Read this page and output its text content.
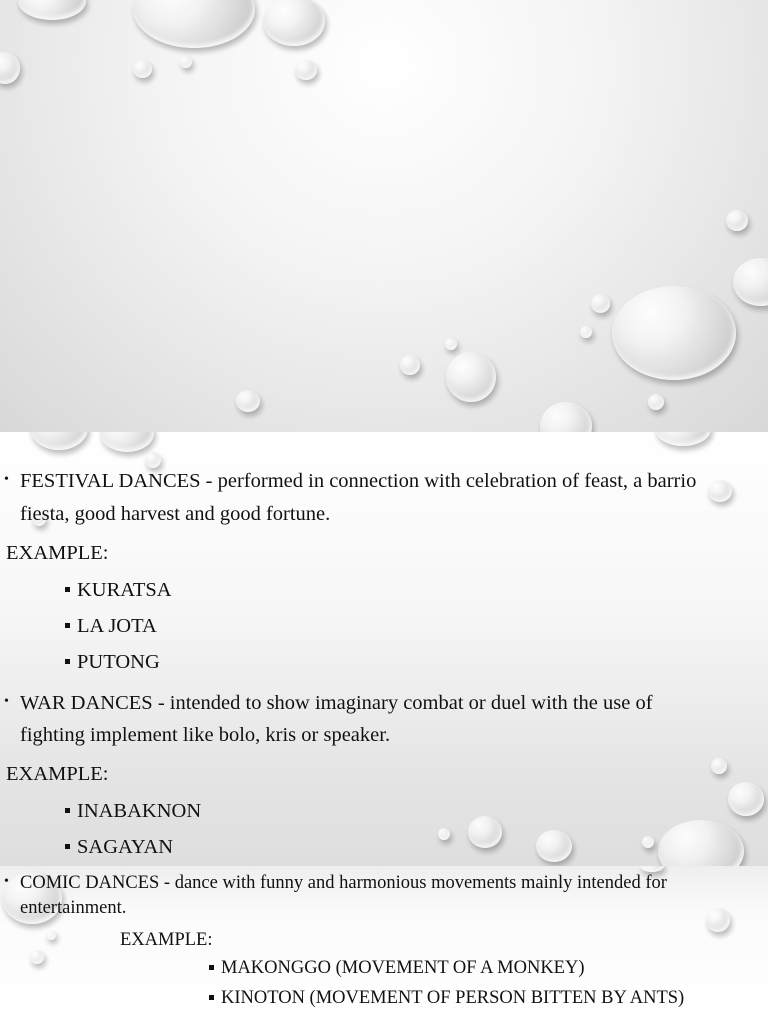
• FESTIVAL DANCES - performed in connection with celebration of feast, a barrio
fiesta, good harvest and good fortune.
EXAMPLE:
KURATSA
LA JOTA
PUTONG
• WAR DANCES - intended to show imaginary combat or duel with the use of
fighting implement like bolo, kris or speaker.
EXAMPLE:
INABAKNON
SAGAYAN
• COMIC DANCES - dance with funny and harmonious movements mainly intended for
entertainment.
EXAMPLE:
MAKONGGO (MOVEMENT OF A MONKEY)
KINOTON (MOVEMENT OF PERSON BITTEN BY ANTS)
